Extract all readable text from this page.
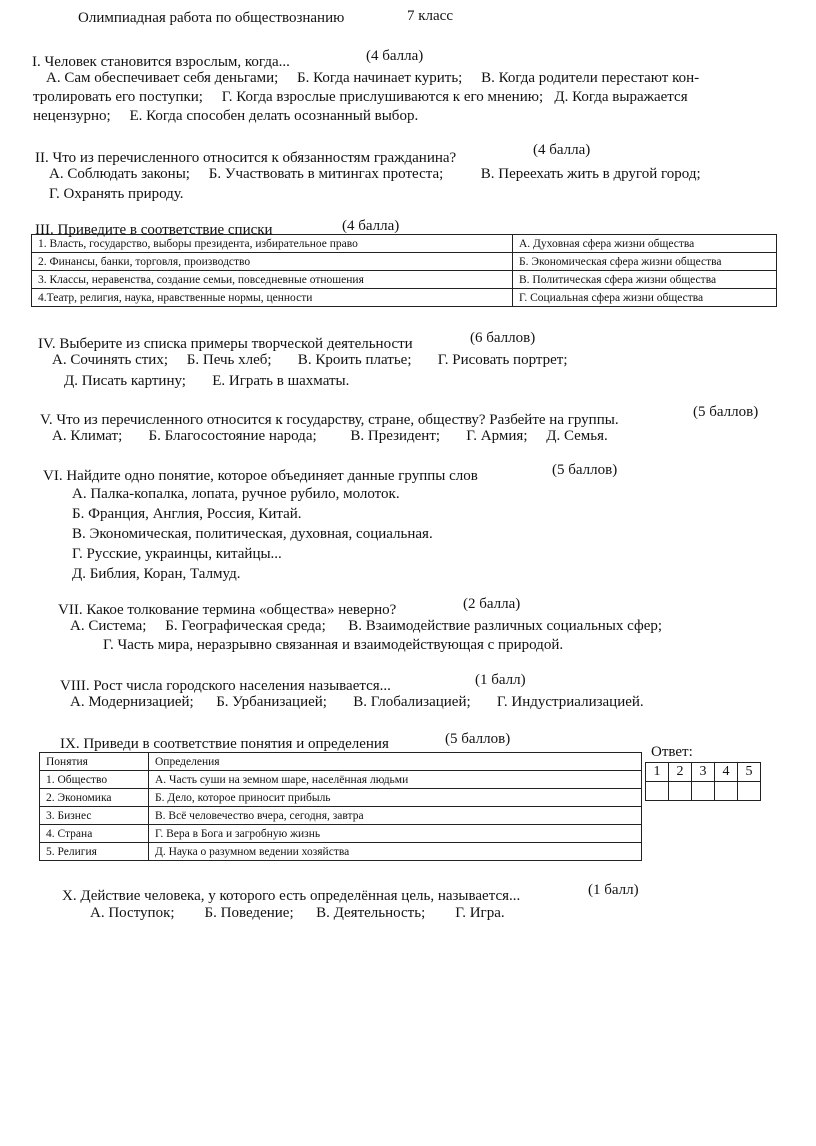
Олимпиадная работа по обществознанию	7 класс
I. Человек становится взрослым, когда...	(4 балла)
А. Сам обеспечивает себя деньгами;     Б. Когда начинает курить;     В. Когда родители перестают кон-
тролировать его поступки;     Г. Когда взрослые прислушиваются к его мнению;   Д. Когда выражается
нецензурно;     Е. Когда способен делать осознанный выбор.
II. Что из перечисленного относится к обязанностям гражданина?	(4 балла)
А. Соблюдать законы;     Б. Участвовать в митингах протеста;          В. Переехать жить в другой город;
Г. Охранять природу.
III. Приведите в соответствие списки	(4 балла)
1. Власть, государство, выборы президента, избирательное право	А. Духовная сфера жизни общества
2. Финансы, банки, торговля, производство	Б. Экономическая сфера жизни общества
3. Классы, неравенства, создание семьи, повседневные отношения	В. Политическая сфера жизни общества
4.Театр, религия, наука, нравственные нормы, ценности	Г. Социальная сфера жизни общества
IV. Выберите из списка примеры творческой деятельности	(6 баллов)
А. Сочинять стих;     Б. Печь хлеб;       В. Кроить платье;       Г. Рисовать портрет;
Д. Писать картину;       Е. Играть в шахматы.
V. Что из перечисленного относится к государству, стране, обществу? Разбейте на группы.	(5 баллов)
А. Климат;       Б. Благосостояние народа;         В. Президент;       Г. Армия;     Д. Семья.
VI. Найдите одно понятие, которое объединяет данные группы слов	(5 баллов)
А. Палка-копалка, лопата, ручное рубило, молоток.
Б. Франция, Англия, Россия, Китай.
В. Экономическая, политическая, духовная, социальная.
Г. Русские, украинцы, китайцы...
Д. Библия, Коран, Талмуд.
VII. Какое толкование термина «общества» неверно?	(2 балла)
А. Система;     Б. Географическая среда;      В. Взаимодействие различных социальных сфер;
Г. Часть мира, неразрывно связанная и взаимодействующая с природой.
VIII. Рост числа городского населения называется...	(1 балл)
А. Модернизацией;      Б. Урбанизацией;       В. Глобализацией;       Г. Индустриализацией.
IX. Приведи в соответствие понятия и определения	(5 баллов)
Понятия	Определения
1. Общество	А. Часть суши на земном шаре, населённая людьми
2. Экономика	Б. Дело, которое приносит прибыль
3. Бизнес	В. Всё человечество вчера, сегодня, завтра
4. Страна	Г. Вера в Бога и загробную жизнь
5. Религия	Д. Наука о разумном ведении хозяйства
Ответ:
1	2	3	4	5

X. Действие человека, у которого есть определённая цель, называется...	(1 балл)
А. Поступок;        Б. Поведение;      В. Деятельность;        Г. Игра.
